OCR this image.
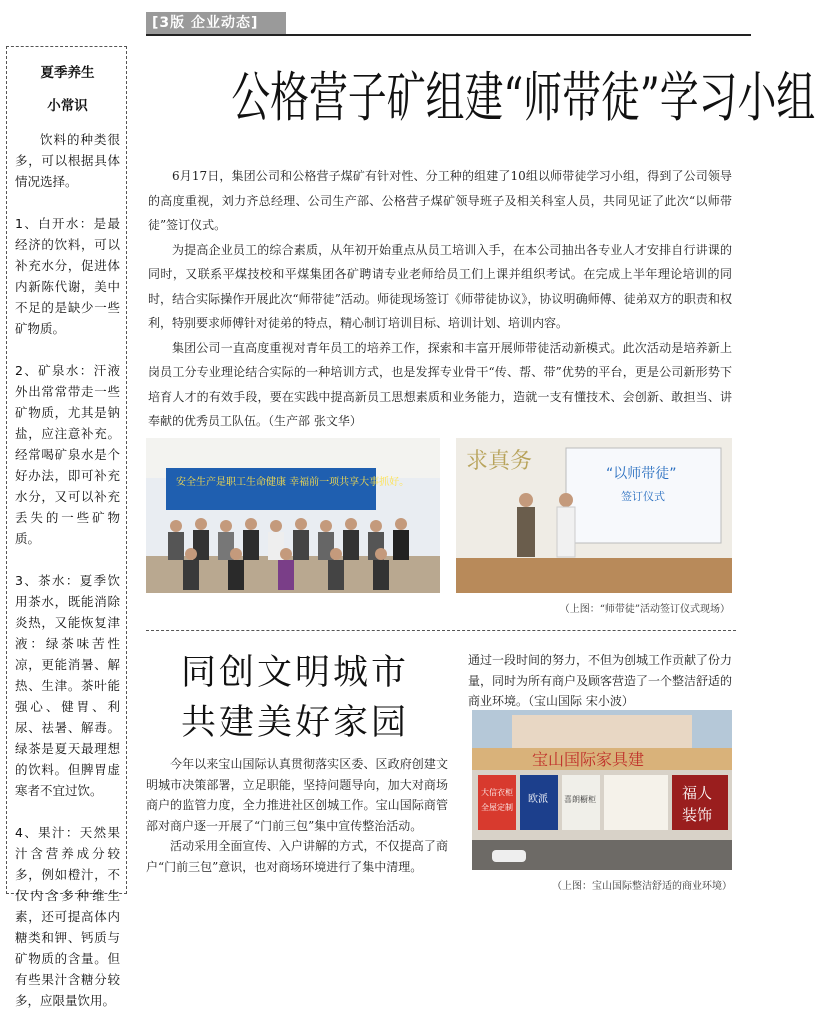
[3版 企业动态]
夏季养生
小常识

饮料的种类很多，可以根据具体情况选择。

1、白开水：是最经济的饮料，可以补充水分，促进体内新陈代谢，美中不足的是缺少一些矿物质。

2、矿泉水：汗液外出常常带走一些矿物质，尤其是钠盐，应注意补充。经常喝矿泉水是个好办法，即可补充水分，又可以补充丢失的一些矿物质。

3、茶水：夏季饮用茶水，既能消除炎热，又能恢复津液：绿茶味苦性凉，更能消暑、解热、生津。茶叶能强心、健胃、利尿、祛暑、解毒。绿茶是夏天最理想的饮料。但脾胃虚寒者不宜过饮。

4、果汁：天然果汁含营养成分较多，例如橙汁，不仅内含多种维生素，还可提高体内糖类和钾、钙质与矿物质的含量。但有些果汁含糖分较多，应限量饮用。

公格营子矿组建“师带徒”学习小组

6月17日，集团公司和公格营子煤矿有针对性、分工种的组建了10组以师带徒学习小组，得到了公司领导的高度重视，刘力齐总经理、公司生产部、公格营子煤矿领导班子及相关科室人员，共同见证了此次“以师带徒”签订仪式。

为提高企业员工的综合素质，从年初开始重点从员工培训入手，在本公司抽出各专业人才安排自行讲课的同时，又联系平煤技校和平煤集团各矿聘请专业老师给员工们上课并组织考试。在完成上半年理论培训的同时，结合实际操作开展此次“师带徒”活动。师徒现场签订《师带徒协议》，协议明确师傅、徒弟双方的职责和权利，特别要求师傅针对徒弟的特点，精心制订培训目标、培训计划、培训内容。

集团公司一直高度重视对青年员工的培养工作，探索和丰富开展师带徒活动新模式。此次活动是培养新上岗员工分专业理论结合实际的一种培训方式，也是发挥专业骨干“传、帮、带”优势的平台，更是公司新形势下培育人才的有效手段，要在实践中提高新员工思想素质和业务能力，造就一支有懂技术、会创新、敢担当、讲奉献的优秀员工队伍。（生产部 张文华）

安全生产是职工生命健康 幸福前一项共享大事抓好。
求真务	“以师带徒”
签订仪式
（上图：“师带徒”活动签订仪式现场）
同创文明城市
共建美好家园

今年以来宝山国际认真贯彻落实区委、区政府创建文明城市决策部署，立足职能，坚持问题导向，加大对商场商户的监管力度，全力推进社区创城工作。宝山国际商管部对商户逐一开展了“门前三包”集中宣传整治活动。

活动采用全面宣传、入户讲解的方式，不仅提高了商户“门前三包”意识，也对商场环境进行了集中清理。

通过一段时间的努力，不但为创城工作贡献了份力量，同时为所有商户及顾客营造了一个整洁舒适的商业环境。（宝山国际 宋小波）

宝山国际家具建
大信衣柜
全屋定制
欧派 喜朗橱柜	福人
装饰
（上图：宝山国际整洁舒适的商业环境）
